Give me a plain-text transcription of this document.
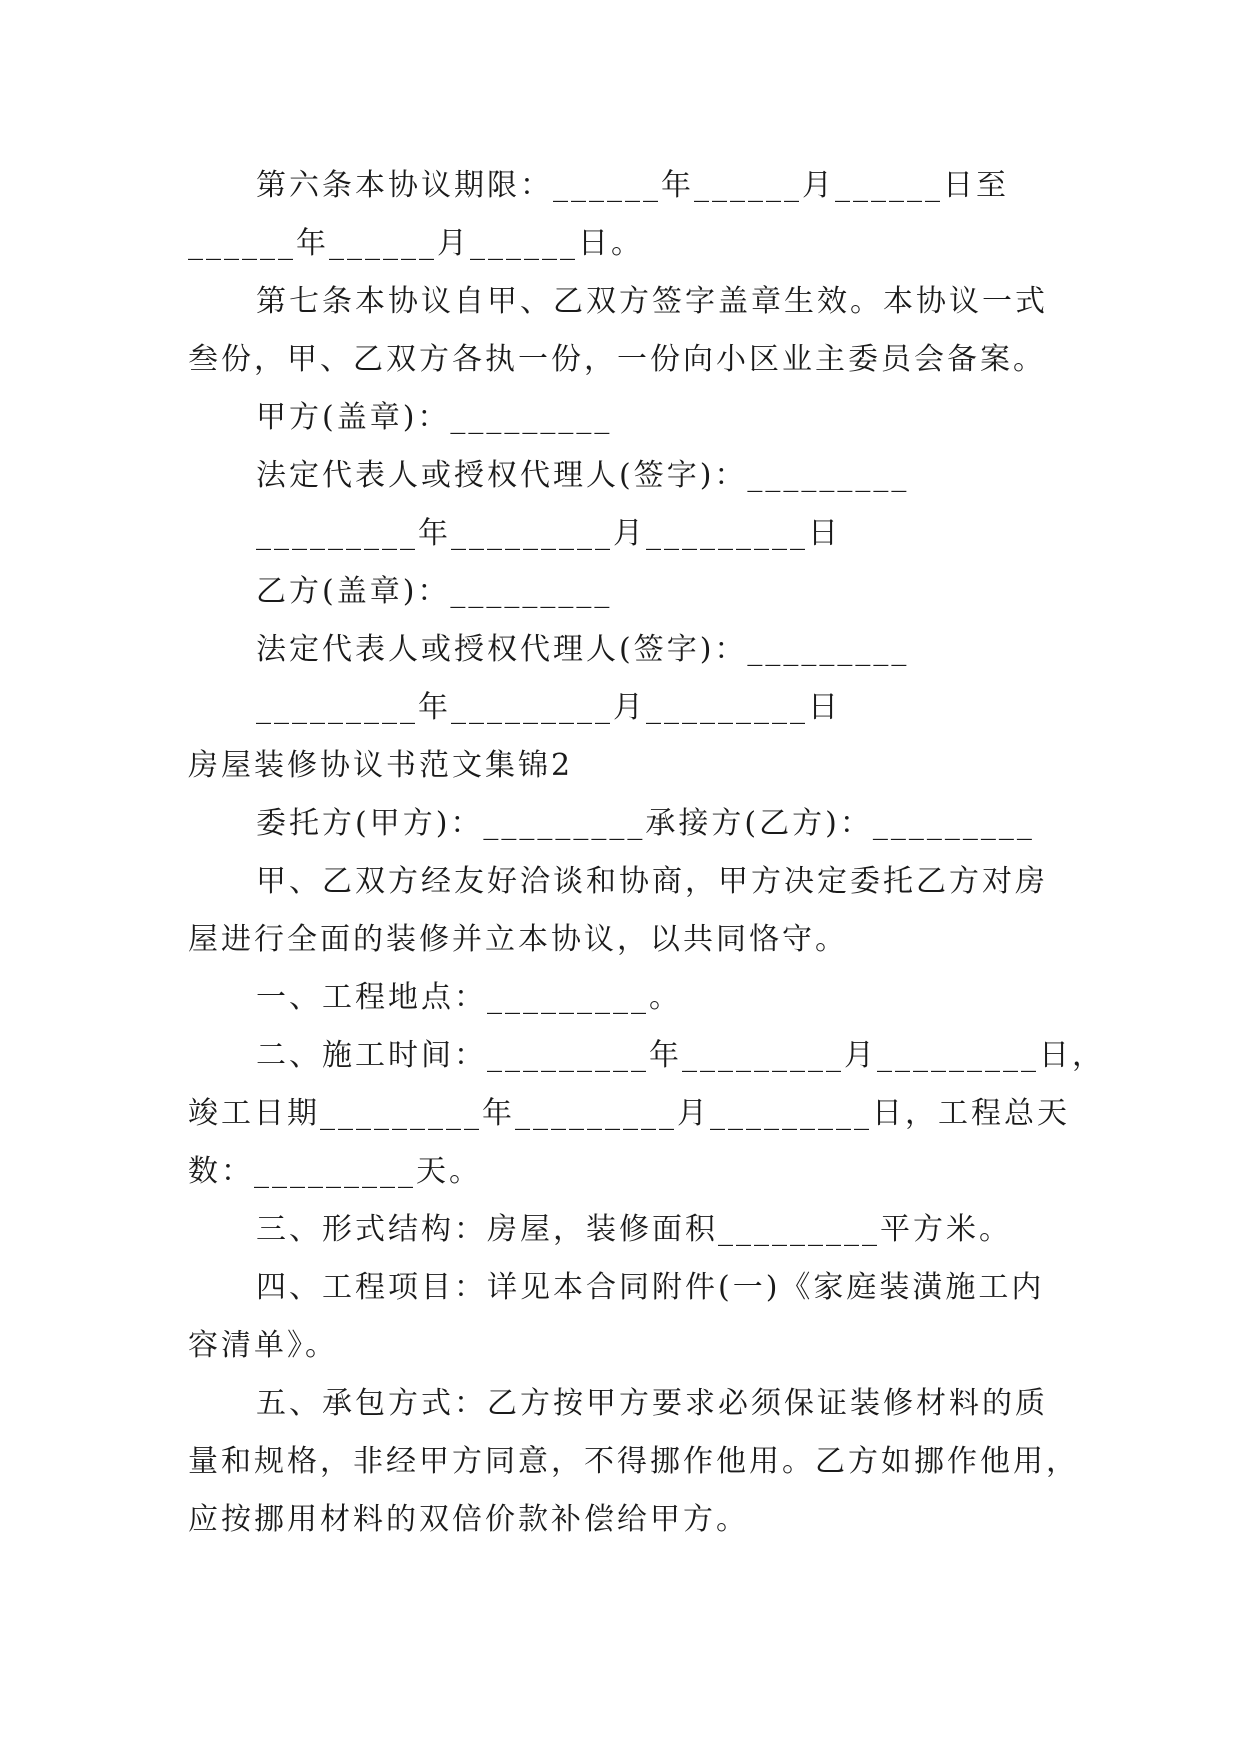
第六条本协议期限：______年______月______日至
______年______月______日。
第七条本协议自甲、乙双方签字盖章生效。本协议一式
叁份，甲、乙双方各执一份，一份向小区业主委员会备案。
甲方(盖章)：_________
法定代表人或授权代理人(签字)：_________
_________年_________月_________日
乙方(盖章)：_________
法定代表人或授权代理人(签字)：_________
_________年_________月_________日
房屋装修协议书范文集锦2
委托方(甲方)：_________承接方(乙方)：_________
甲、乙双方经友好洽谈和协商，甲方决定委托乙方对房
屋进行全面的装修并立本协议，以共同恪守。
一、工程地点：_________。
二、施工时间：_________年_________月_________日，
竣工日期_________年_________月_________日，工程总天
数：_________天。
三、形式结构：房屋，装修面积_________平方米。
四、工程项目：详见本合同附件(一)《家庭装潢施工内
容清单》。
五、承包方式：乙方按甲方要求必须保证装修材料的质
量和规格，非经甲方同意，不得挪作他用。乙方如挪作他用，
应按挪用材料的双倍价款补偿给甲方。
